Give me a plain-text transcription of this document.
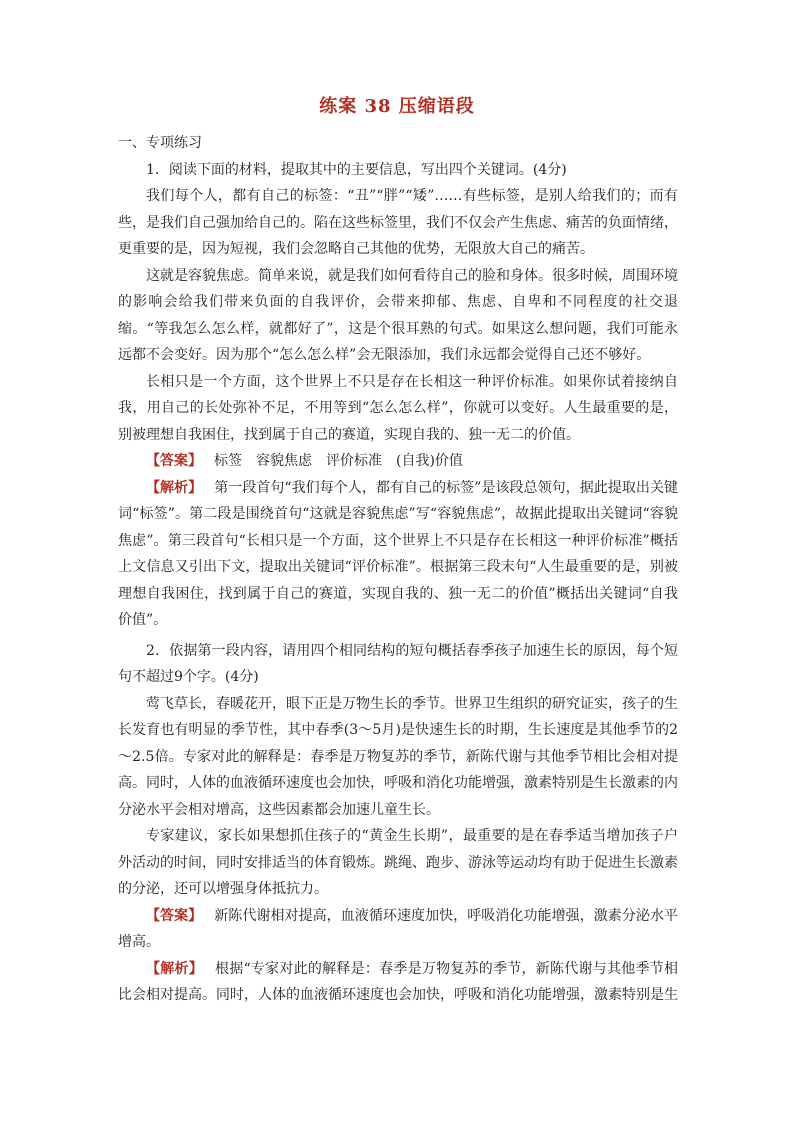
练案 38 压缩语段

一、专项练习

1．阅读下面的材料，提取其中的主要信息，写出四个关键词。(4分)

我们每个人，都有自己的标签：“丑”“胖”“矮”……有些标签，是别人给我们的；而有些，是我们自己强加给自己的。陷在这些标签里，我们不仅会产生焦虑、痛苦的负面情绪，更重要的是，因为短视，我们会忽略自己其他的优势，无限放大自己的痛苦。

这就是容貌焦虑。简单来说，就是我们如何看待自己的脸和身体。很多时候，周围环境的影响会给我们带来负面的自我评价，会带来抑郁、焦虑、自卑和不同程度的社交退缩。“等我怎么怎么样，就都好了”，这是个很耳熟的句式。如果这么想问题，我们可能永远都不会变好。因为那个“怎么怎么样”会无限添加，我们永远都会觉得自己还不够好。

长相只是一个方面，这个世界上不只是存在长相这一种评价标准。如果你试着接纳自我，用自己的长处弥补不足，不用等到“怎么怎么样”，你就可以变好。人生最重要的是，别被理想自我困住，找到属于自己的赛道，实现自我的、独一无二的价值。

【答案】 标签　容貌焦虑　评价标准　(自我)价值

【解析】 第一段首句“我们每个人，都有自己的标签”是该段总领句，据此提取出关键词“标签”。第二段是围绕首句“这就是容貌焦虑”写“容貌焦虑”，故据此提取出关键词“容貌焦虑”。第三段首句“长相只是一个方面，这个世界上不只是存在长相这一种评价标准”概括上文信息又引出下文，提取出关键词“评价标准”。根据第三段末句“人生最重要的是，别被理想自我困住，找到属于自己的赛道，实现自我的、独一无二的价值”概括出关键词“自我价值”。

2．依据第一段内容，请用四个相同结构的短句概括春季孩子加速生长的原因，每个短句不超过9个字。(4分)

莺飞草长，春暖花开，眼下正是万物生长的季节。世界卫生组织的研究证实，孩子的生长发育也有明显的季节性，其中春季(3～5月)是快速生长的时期，生长速度是其他季节的2～2.5倍。专家对此的解释是：春季是万物复苏的季节，新陈代谢与其他季节相比会相对提高。同时，人体的血液循环速度也会加快，呼吸和消化功能增强，激素特别是生长激素的内分泌水平会相对增高，这些因素都会加速儿童生长。

专家建议，家长如果想抓住孩子的“黄金生长期”，最重要的是在春季适当增加孩子户外活动的时间，同时安排适当的体育锻炼。跳绳、跑步、游泳等运动均有助于促进生长激素的分泌，还可以增强身体抵抗力。

【答案】 新陈代谢相对提高，血液循环速度加快，呼吸消化功能增强，激素分泌水平增高。

【解析】 根据“专家对此的解释是：春季是万物复苏的季节，新陈代谢与其他季节相比会相对提高。同时，人体的血液循环速度也会加快，呼吸和消化功能增强，激素特别是生
